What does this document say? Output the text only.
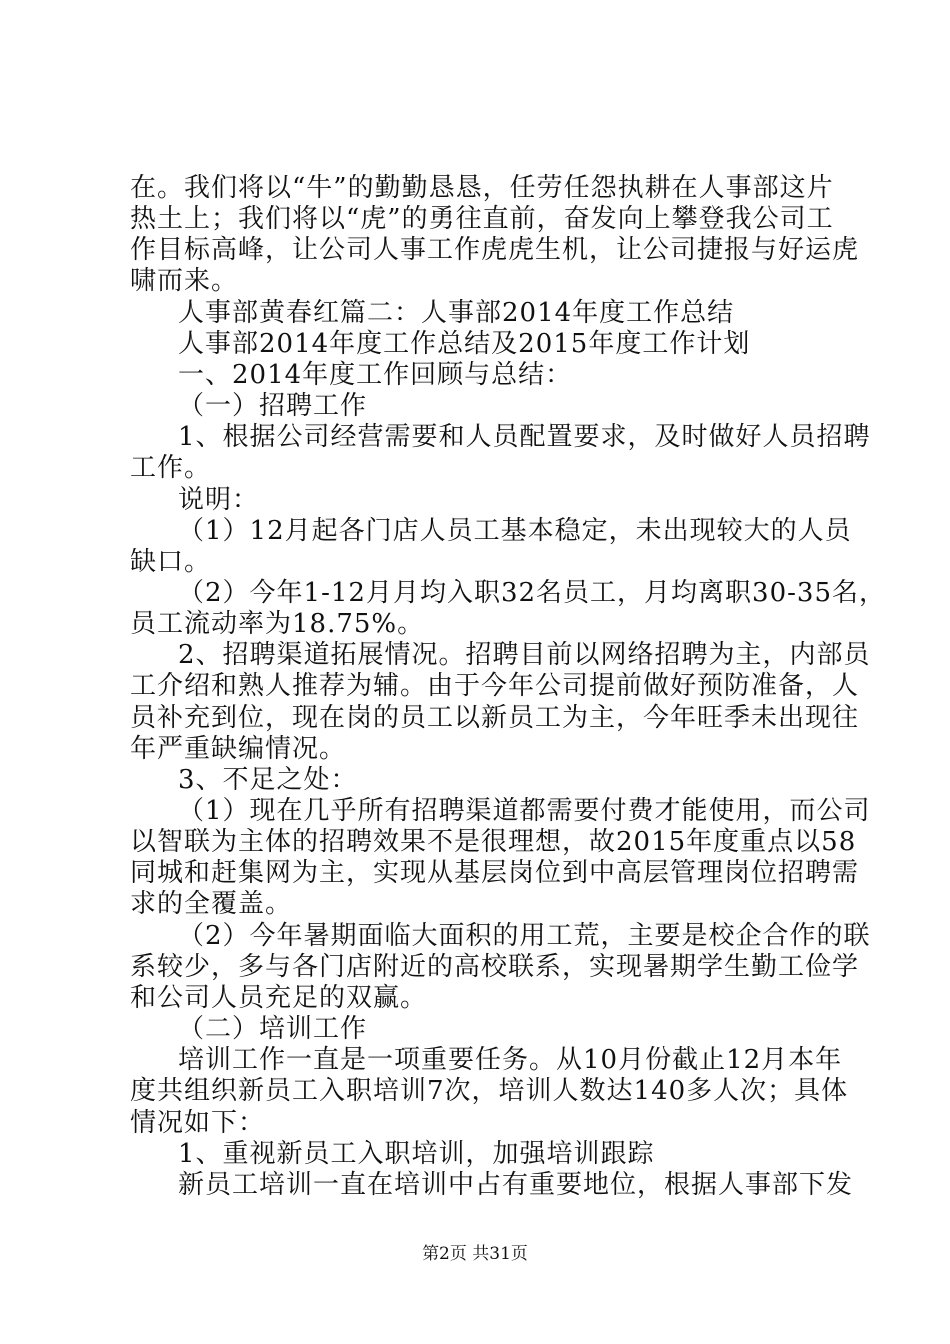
在。我们将以“牛”的勤勤恳恳，任劳任怨执耕在人事部这片
热土上；我们将以“虎”的勇往直前，奋发向上攀登我公司工
作目标高峰，让公司人事工作虎虎生机，让公司捷报与好运虎
啸而来。
人事部黄春红篇二：人事部2014年度工作总结
人事部2014年度工作总结及2015年度工作计划
一、2014年度工作回顾与总结：
（一）招聘工作
1、根据公司经营需要和人员配置要求，及时做好人员招聘
工作。
说明：
（1）12月起各门店人员工基本稳定，未出现较大的人员
缺口。
（2）今年1-12月月均入职32名员工，月均离职30-35名，
员工流动率为18.75%。
2、招聘渠道拓展情况。招聘目前以网络招聘为主，内部员
工介绍和熟人推荐为辅。由于今年公司提前做好预防准备，人
员补充到位，现在岗的员工以新员工为主，今年旺季未出现往
年严重缺编情况。
3、不足之处：
（1）现在几乎所有招聘渠道都需要付费才能使用，而公司
以智联为主体的招聘效果不是很理想，故2015年度重点以58
同城和赶集网为主，实现从基层岗位到中高层管理岗位招聘需
求的全覆盖。
（2）今年暑期面临大面积的用工荒，主要是校企合作的联
系较少，多与各门店附近的高校联系，实现暑期学生勤工俭学
和公司人员充足的双赢。
（二）培训工作
培训工作一直是一项重要任务。从10月份截止12月本年
度共组织新员工入职培训7次，培训人数达140多人次；具体
情况如下：
1、重视新员工入职培训，加强培训跟踪
新员工培训一直在培训中占有重要地位，根据人事部下发
第2页 共31页
